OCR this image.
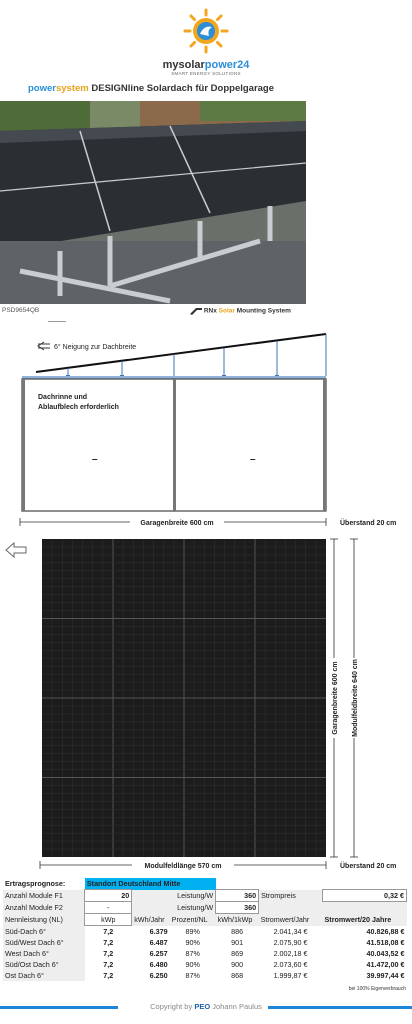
mysolarpower24
SMART ENERGY SOLUTIONS
powersystem DESIGNline Solardach für Doppelgarage
PSD9654QB	RNx Solar Mounting System
6° Neigung zur Dachbreite
Dachrinne und
Ablaufblech erforderlich
–	–
Garagenbreite 600 cm	Überstand 20 cm
Garagenbreite 600 cm Modulfeldbreite 640 cm
Modulfeldlänge 570 cm	Überstand 20 cm
Ertragsprognose:	Standort Deutschland Mitte					
Anzahl Module F1	20		Leistung/W	360	Strompreis	0,32 €
Anzahl Module F2	-		Leistung/W	360		
Nennleistung (NL)	kWp	kWh/Jahr	Prozent/NL	kWh/1kWp	Stromwert/Jahr	Stromwert/20 Jahre
Süd-Dach 6°	7,2	6.379	89%	886	2.041,34 €	40.826,88 €
Süd/West Dach 6°	7,2	6.487	90%	901	2.075,90 €	41.518,08 €
West Dach 6°	7,2	6.257	87%	869	2.002,18 €	40.043,52 €
Süd/Ost Dach 6°	7,2	6.480	90%	900	2.073,60 €	41.472,00 €
Ost Dach 6°	7,2	6.250	87%	868	1.999,87 €	39.997,44 €
bei 100% Eigenverbrauch
Copyright by PEO Johann Paulus
